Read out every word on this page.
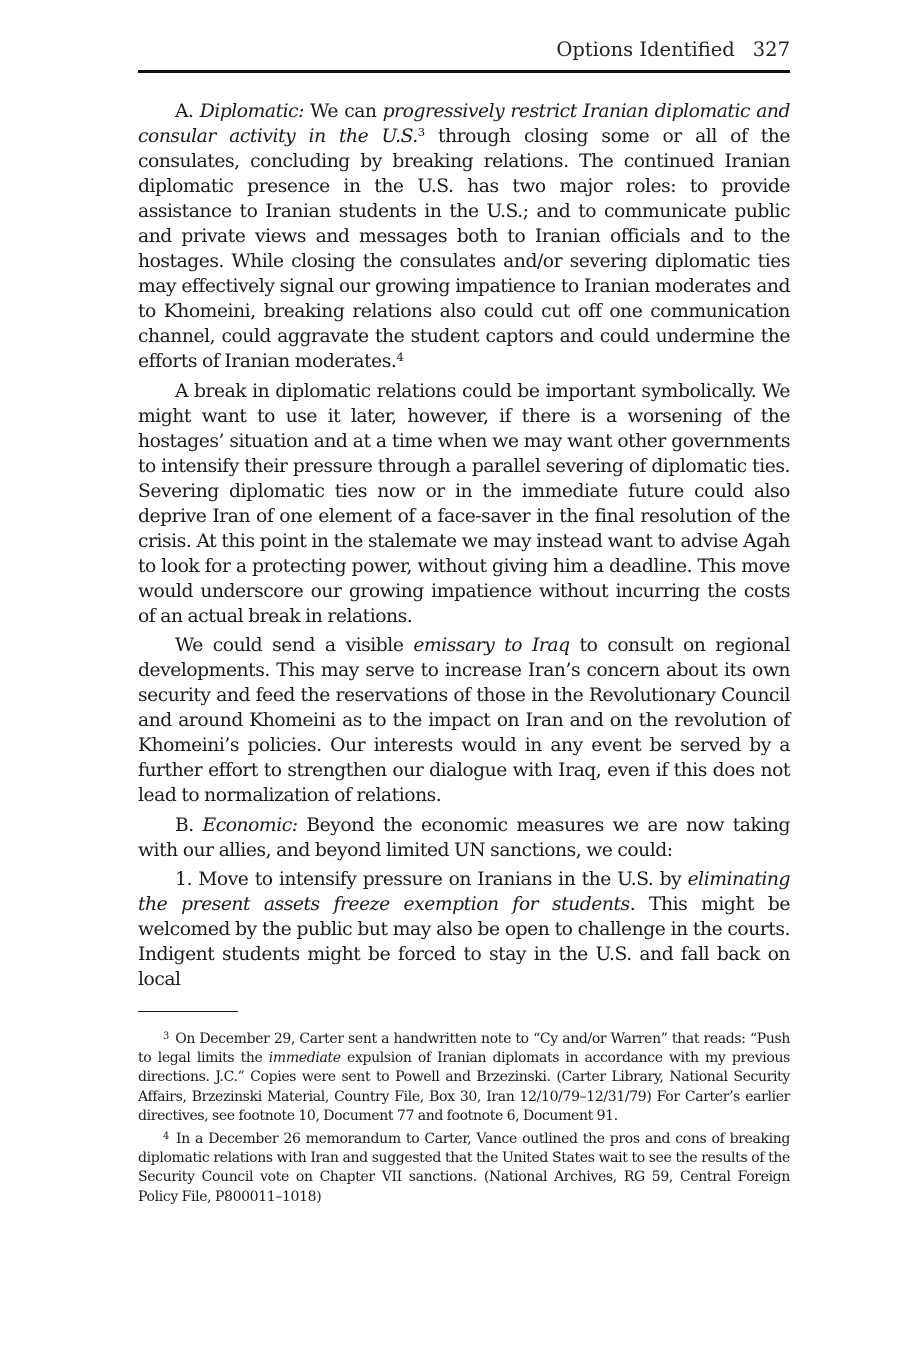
Options Identified 327

A. Diplomatic: We can progressively restrict Iranian diplomatic and consular activity in the U.S.$^3$ through closing some or all of the consulates, concluding by breaking relations. The continued Iranian diplomatic presence in the U.S. has two major roles: to provide assistance to Iranian students in the U.S.; and to communicate public and private views and messages both to Iranian officials and to the hostages. While closing the consulates and/or severing diplomatic ties may effectively signal our growing impatience to Iranian moderates and to Khomeini, breaking relations also could cut off one communication channel, could aggravate the student captors and could undermine the efforts of Iranian moderates.$^4$

A break in diplomatic relations could be important symbolically. We might want to use it later, however, if there is a worsening of the hostages’ situation and at a time when we may want other governments to intensify their pressure through a parallel severing of diplomatic ties. Severing diplomatic ties now or in the immediate future could also deprive Iran of one element of a face-saver in the final resolution of the crisis. At this point in the stalemate we may instead want to advise Agah to look for a protecting power, without giving him a deadline. This move would underscore our growing impatience without incurring the costs of an actual break in relations.

We could send a visible emissary to Iraq to consult on regional developments. This may serve to increase Iran’s concern about its own security and feed the reservations of those in the Revolutionary Council and around Khomeini as to the impact on Iran and on the revolution of Khomeini’s policies. Our interests would in any event be served by a further effort to strengthen our dialogue with Iraq, even if this does not lead to normalization of relations.

B. Economic: Beyond the economic measures we are now taking with our allies, and beyond limited UN sanctions, we could:

1. Move to intensify pressure on Iranians in the U.S. by eliminating the present assets freeze exemption for students. This might be welcomed by the public but may also be open to challenge in the courts. Indigent students might be forced to stay in the U.S. and fall back on local

$^3$ On December 29, Carter sent a handwritten note to “Cy and/or Warren” that reads: “Push to legal limits the immediate expulsion of Iranian diplomats in accordance with my previous directions. J.C.” Copies were sent to Powell and Brzezinski. (Carter Library, National Security Affairs, Brzezinski Material, Country File, Box 30, Iran 12/10/79–12/31/79) For Carter’s earlier directives, see footnote 10, Document 77 and footnote 6, Document 91.

$^4$ In a December 26 memorandum to Carter, Vance outlined the pros and cons of breaking diplomatic relations with Iran and suggested that the United States wait to see the results of the Security Council vote on Chapter VII sanctions. (National Archives, RG 59, Central Foreign Policy File, P800011–1018)
